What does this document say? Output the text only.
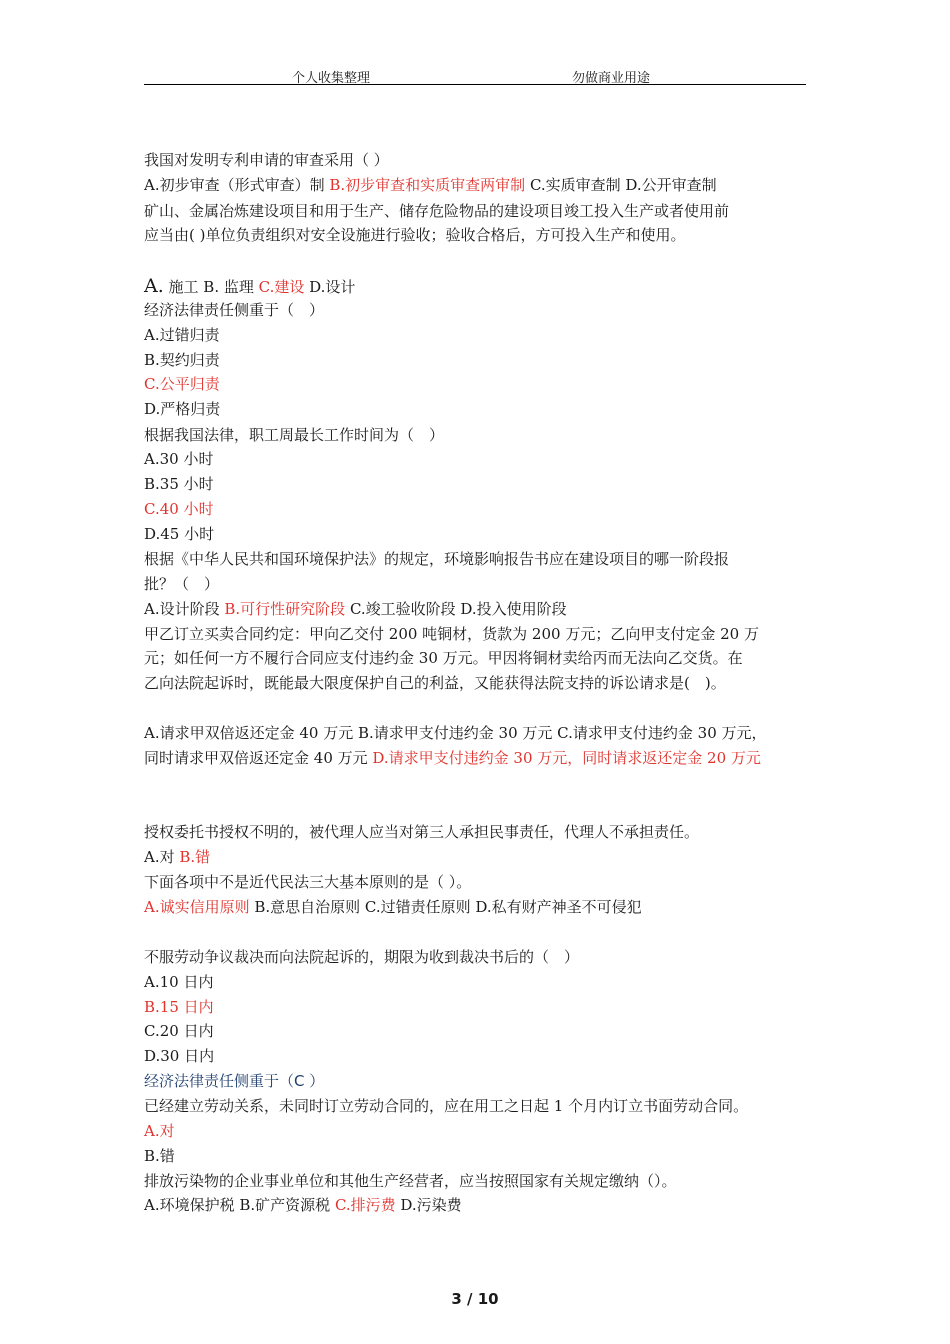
个人收集整理	勿做商业用途
我国对发明专利申请的审查采用（ ）
A.初步审查（形式审查）制 B.初步审查和实质审查两审制 C.实质审查制 D.公开审查制
矿山、金属冶炼建设项目和用于生产、储存危险物品的建设项目竣工投入生产或者使用前
应当由( )单位负责组织对安全设施进行验收；验收合格后，方可投入生产和使用。
A. 施工 B. 监理 C.建设 D.设计
经济法律责任侧重于（　）
A.过错归责
B.契约归责
C.公平归责
D.严格归责
根据我国法律，职工周最长工作时间为（　）
A.30 小时
B.35 小时
C.40 小时
D.45 小时
根据《中华人民共和国环境保护法》的规定，环境影响报告书应在建设项目的哪一阶段报
批？（　）
A.设计阶段 B.可行性研究阶段 C.竣工验收阶段 D.投入使用阶段
甲乙订立买卖合同约定：甲向乙交付 200 吨铜材，货款为 200 万元；乙向甲支付定金 20 万
元；如任何一方不履行合同应支付违约金 30 万元。甲因将铜材卖给丙而无法向乙交货。在
乙向法院起诉时，既能最大限度保护自己的利益，又能获得法院支持的诉讼请求是(　)。
A.请求甲双倍返还定金 40 万元 B.请求甲支付违约金 30 万元 C.请求甲支付违约金 30 万元，
同时请求甲双倍返还定金 40 万元 D.请求甲支付违约金 30 万元，同时请求返还定金 20 万元
授权委托书授权不明的，被代理人应当对第三人承担民事责任，代理人不承担责任。
A.对 B.错
下面各项中不是近代民法三大基本原则的是（ ）。
A.诚实信用原则 B.意思自治原则 C.过错责任原则 D.私有财产神圣不可侵犯
不服劳动争议裁决而向法院起诉的，期限为收到裁决书后的（　）
A.10 日内
B.15 日内
C.20 日内
D.30 日内
经济法律责任侧重于（C ）
已经建立劳动关系，未同时订立劳动合同的，应在用工之日起 1 个月内订立书面劳动合同。
A.对
B.错
排放污染物的企业事业单位和其他生产经营者，应当按照国家有关规定缴纳（）。
A.环境保护税 B.矿产资源税 C.排污费 D.污染费
3 / 10
